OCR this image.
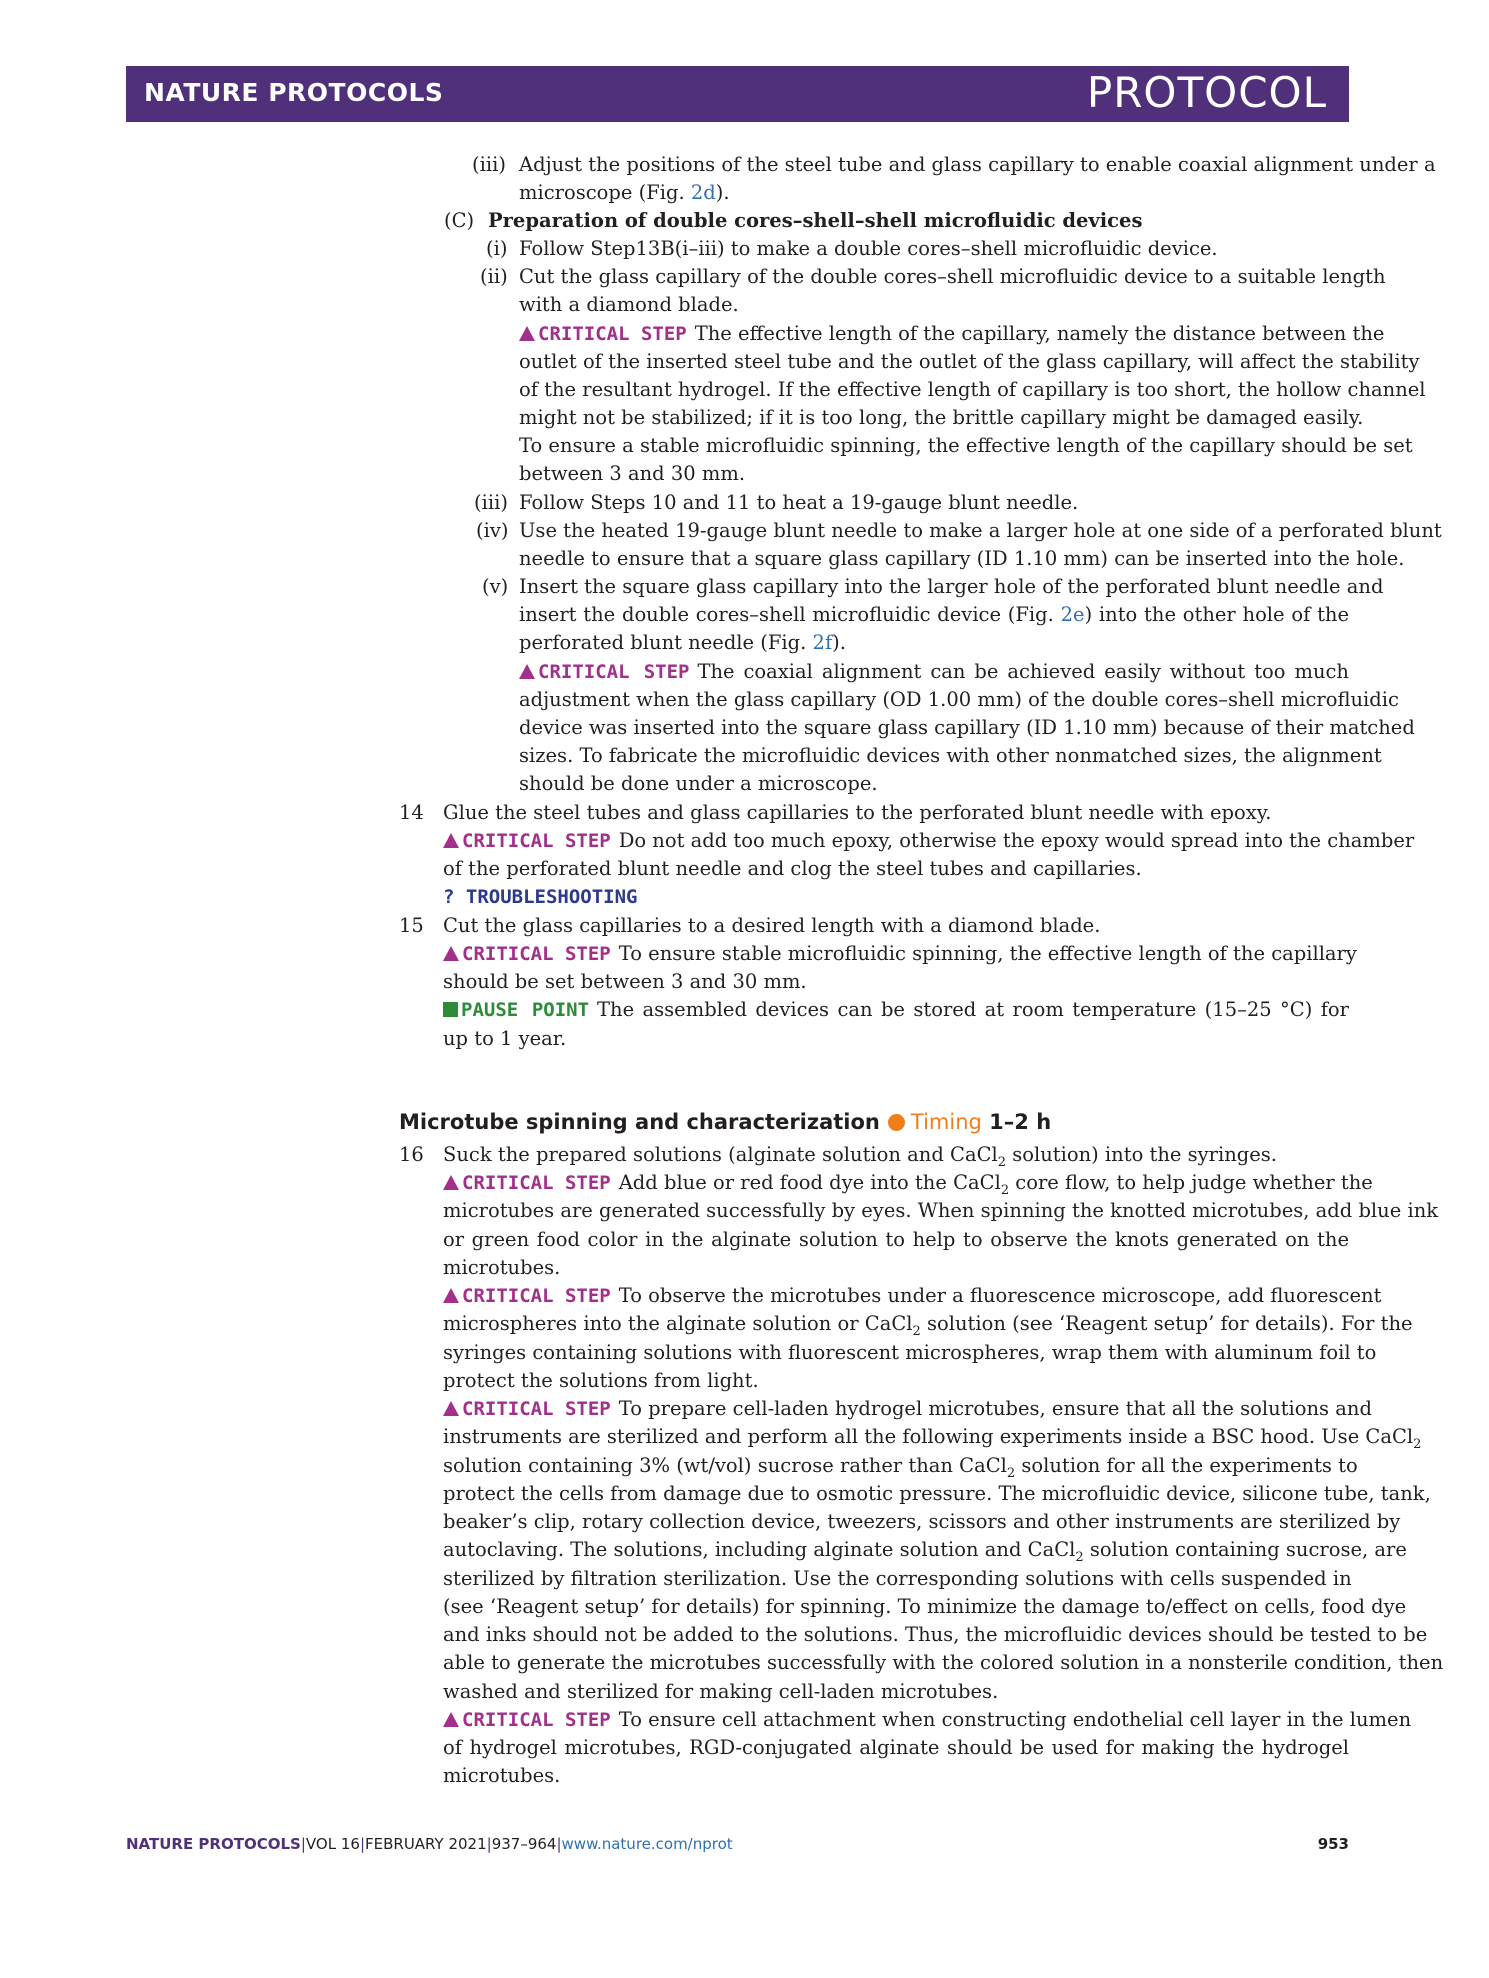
NATURE PROTOCOLS	PROTOCOL
(iii) Adjust the positions of the steel tube and glass capillary to enable coaxial alignment under a
microscope (Fig. 2d).
(C) Preparation of double cores–shell–shell microfluidic devices
(i) Follow Step13B(i–iii) to make a double cores–shell microfluidic device.
(ii) Cut the glass capillary of the double cores–shell microfluidic device to a suitable length
with a diamond blade.
CRITICAL STEP The effective length of the capillary, namely the distance between the
outlet of the inserted steel tube and the outlet of the glass capillary, will affect the stability
of the resultant hydrogel. If the effective length of capillary is too short, the hollow channel
might not be stabilized; if it is too long, the brittle capillary might be damaged easily.
To ensure a stable microfluidic spinning, the effective length of the capillary should be set
between 3 and 30 mm.
(iii) Follow Steps 10 and 11 to heat a 19-gauge blunt needle.
(iv) Use the heated 19-gauge blunt needle to make a larger hole at one side of a perforated blunt
needle to ensure that a square glass capillary (ID 1.10 mm) can be inserted into the hole.
(v) Insert the square glass capillary into the larger hole of the perforated blunt needle and
insert the double cores–shell microfluidic device (Fig. 2e) into the other hole of the
perforated blunt needle (Fig. 2f).
CRITICAL STEP The coaxial alignment can be achieved easily without too much
adjustment when the glass capillary (OD 1.00 mm) of the double cores–shell microfluidic
device was inserted into the square glass capillary (ID 1.10 mm) because of their matched
sizes. To fabricate the microfluidic devices with other nonmatched sizes, the alignment
should be done under a microscope.
14 Glue the steel tubes and glass capillaries to the perforated blunt needle with epoxy.
CRITICAL STEP Do not add too much epoxy, otherwise the epoxy would spread into the chamber
of the perforated blunt needle and clog the steel tubes and capillaries.
? TROUBLESHOOTING
15 Cut the glass capillaries to a desired length with a diamond blade.
CRITICAL STEP To ensure stable microfluidic spinning, the effective length of the capillary
should be set between 3 and 30 mm.
PAUSE POINT The assembled devices can be stored at room temperature (15–25 °C) for
up to 1 year.
Microtube spinning and characterization Timing 1–2 h
16 Suck the prepared solutions (alginate solution and CaCl$_2$ solution) into the syringes.
CRITICAL STEP Add blue or red food dye into the CaCl$_2$ core flow, to help judge whether the
microtubes are generated successfully by eyes. When spinning the knotted microtubes, add blue ink
or green food color in the alginate solution to help to observe the knots generated on the
microtubes.
CRITICAL STEP To observe the microtubes under a fluorescence microscope, add fluorescent
microspheres into the alginate solution or CaCl$_2$ solution (see ‘Reagent setup’ for details). For the
syringes containing solutions with fluorescent microspheres, wrap them with aluminum foil to
protect the solutions from light.
CRITICAL STEP To prepare cell-laden hydrogel microtubes, ensure that all the solutions and
instruments are sterilized and perform all the following experiments inside a BSC hood. Use CaCl$_2$
solution containing 3% (wt/vol) sucrose rather than CaCl$_2$ solution for all the experiments to
protect the cells from damage due to osmotic pressure. The microfluidic device, silicone tube, tank,
beaker’s clip, rotary collection device, tweezers, scissors and other instruments are sterilized by
autoclaving. The solutions, including alginate solution and CaCl$_2$ solution containing sucrose, are
sterilized by filtration sterilization. Use the corresponding solutions with cells suspended in
(see ‘Reagent setup’ for details) for spinning. To minimize the damage to/effect on cells, food dye
and inks should not be added to the solutions. Thus, the microfluidic devices should be tested to be
able to generate the microtubes successfully with the colored solution in a nonsterile condition, then
washed and sterilized for making cell-laden microtubes.
CRITICAL STEP To ensure cell attachment when constructing endothelial cell layer in the lumen
of hydrogel microtubes, RGD-conjugated alginate should be used for making the hydrogel
microtubes.
NATURE PROTOCOLS|VOL 16|FEBRUARY 2021|937–964|www.nature.com/nprot	953
